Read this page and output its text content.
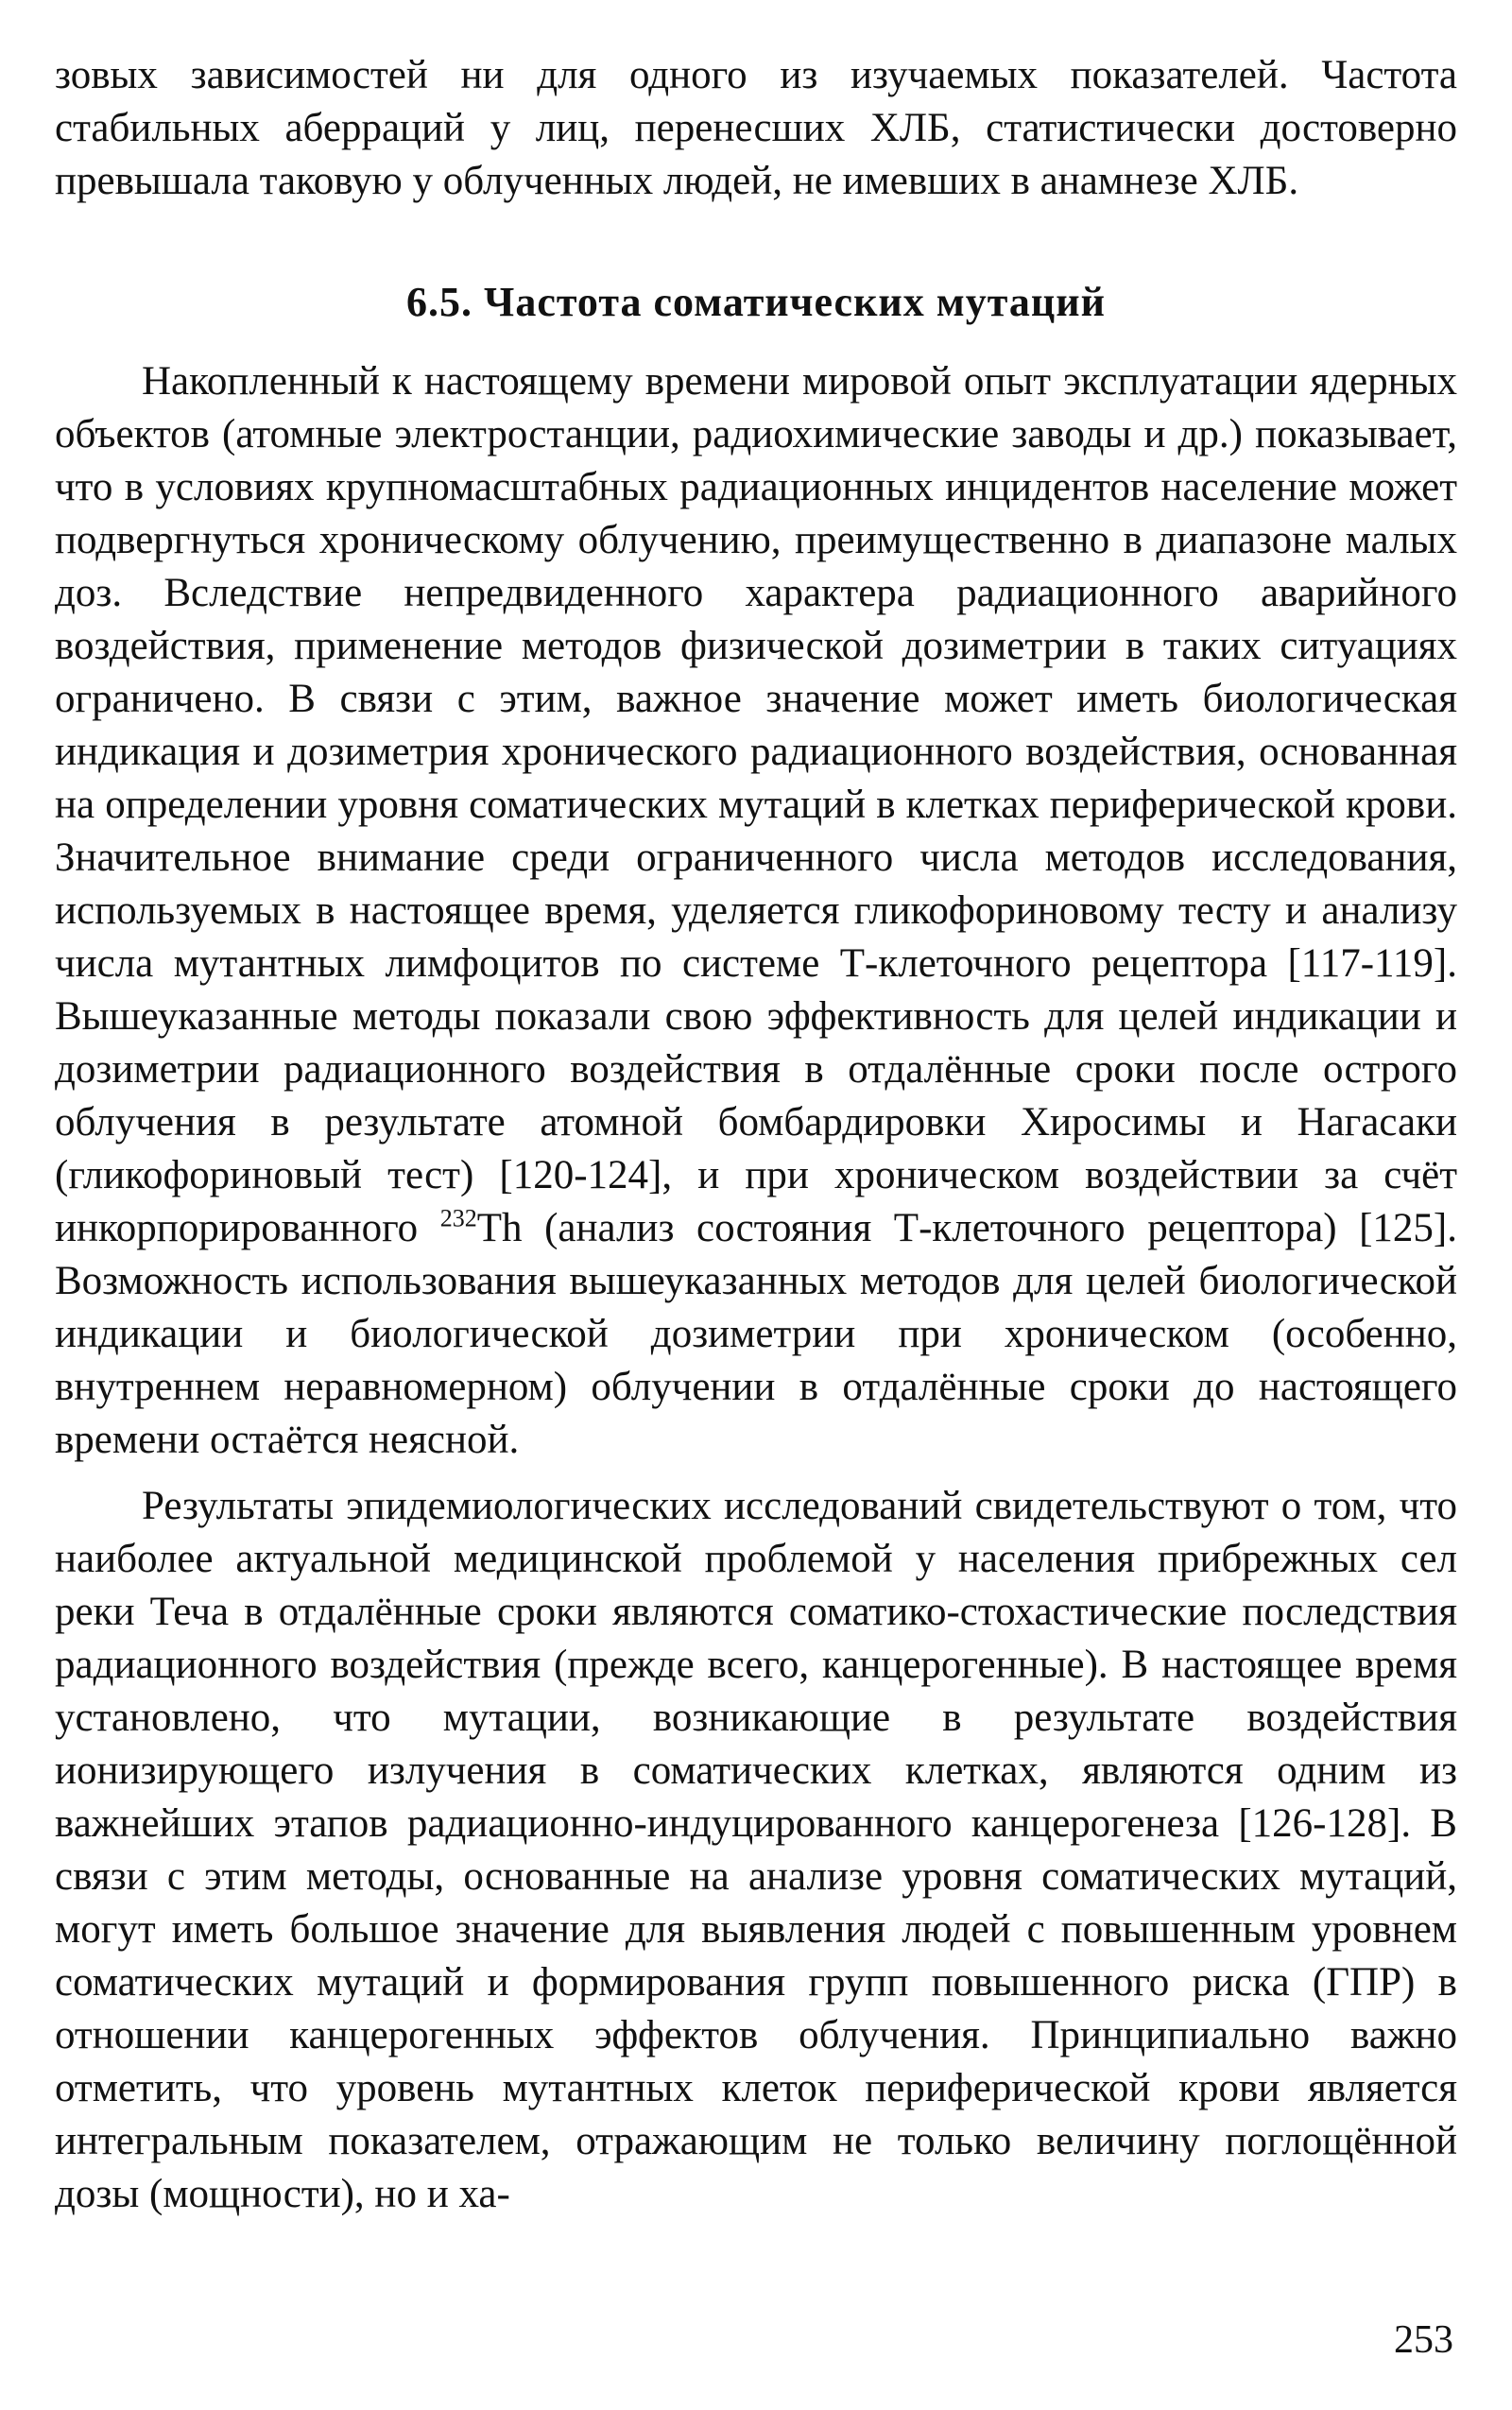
зовых зависимостей ни для одного из изучаемых показателей. Частота стабильных аберраций у лиц, перенесших ХЛБ, статистически достоверно превышала таковую у облученных людей, не имевших в анамнезе ХЛБ.

6.5. Частота соматических мутаций

Накопленный к настоящему времени мировой опыт эксплуатации ядерных объектов (атомные электростанции, радиохимические заводы и др.) показывает, что в условиях крупномасштабных радиационных инцидентов население может подвергнуться хроническому облучению, преимущественно в диапазоне малых доз. Вследствие непредвиденного характера радиационного аварийного воздействия, применение методов физической дозиметрии в таких ситуациях ограничено. В связи с этим, важное значение может иметь биологическая индикация и дозиметрия хронического радиационного воздействия, основанная на определении уровня соматических мутаций в клетках периферической крови. Значительное внимание среди ограниченного числа методов исследования, используемых в настоящее время, уделяется гликофориновому тесту и анализу числа мутантных лимфоцитов по системе Т-клеточного рецептора [117-119]. Вышеуказанные методы показали свою эффективность для целей индикации и дозиметрии радиационного воздействия в отдалённые сроки после острого облучения в результате атомной бомбардировки Хиросимы и Нагасаки (гликофориновый тест) [120-124], и при хроническом воздействии за счёт инкорпорированного $^{232}$Th (анализ состояния Т-клеточного рецептора) [125]. Возможность использования вышеуказанных методов для целей биологической индикации и биологической дозиметрии при хроническом (особенно, внутреннем неравномерном) облучении в отдалённые сроки до настоящего времени остаётся неясной.

Результаты эпидемиологических исследований свидетельствуют о том, что наиболее актуальной медицинской проблемой у населения прибрежных сел реки Теча в отдалённые сроки являются соматико-стохастические последствия радиационного воздействия (прежде всего, канцерогенные). В настоящее время установлено, что мутации, возникающие в результате воздействия ионизирующего излучения в соматических клетках, являются одним из важнейших этапов радиационно-индуцированного канцерогенеза [126-128]. В связи с этим методы, основанные на анализе уровня соматических мутаций, могут иметь большое значение для выявления людей с повышенным уровнем соматических мутаций и формирования групп повышенного риска (ГПР) в отношении канцерогенных эффектов облучения. Принципиально важно отметить, что уровень мутантных клеток периферической крови является интегральным показателем, отражающим не только величину поглощённой дозы (мощности), но и ха-

253
